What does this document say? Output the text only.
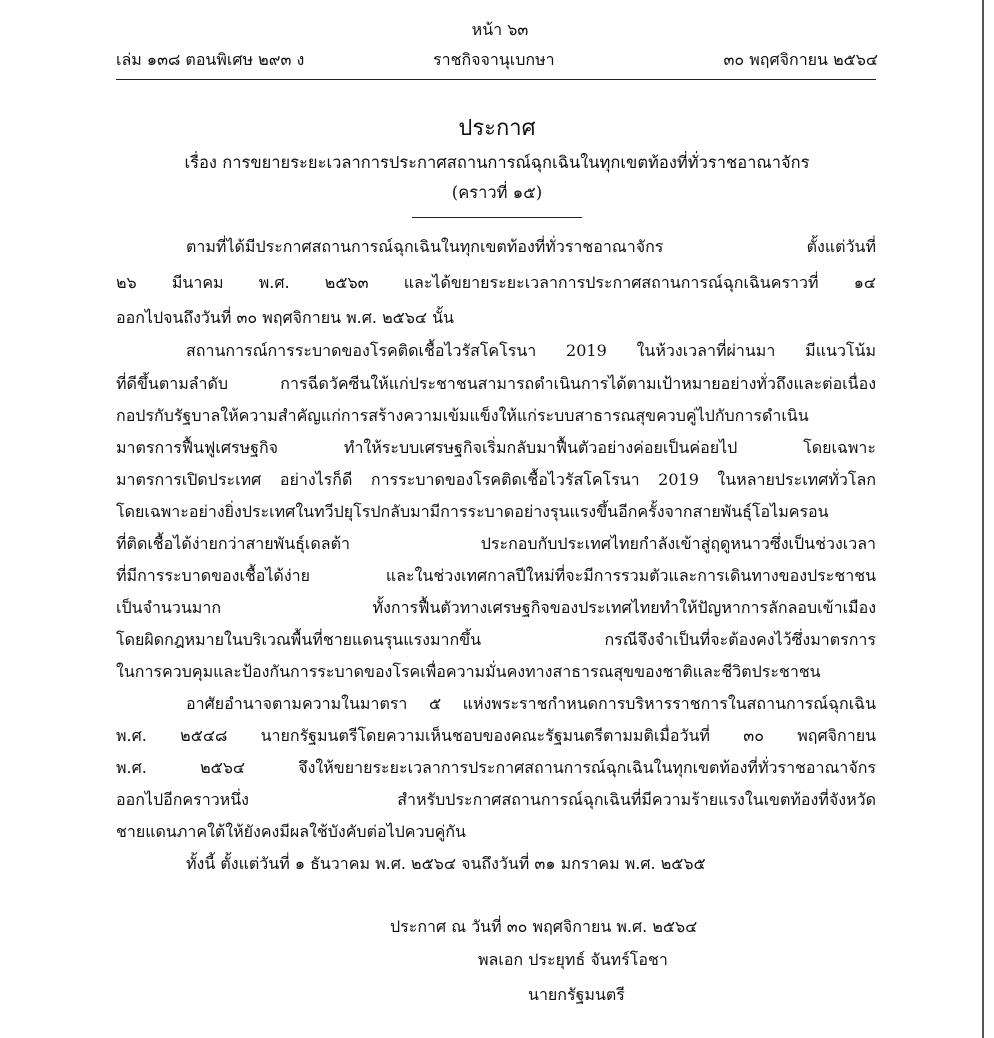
หน้า ๖๓
เล่ม ๑๓๘ ตอนพิเศษ ๒๙๓ ง	ราชกิจจานุเบกษา	๓๐ พฤศจิกายน ๒๕๖๔
ประกาศ
เรื่อง การขยายระยะเวลาการประกาศสถานการณ์ฉุกเฉินในทุกเขตท้องที่ทั่วราชอาณาจักร
(คราวที่ ๑๕)
ตามที่ได้มีประกาศสถานการณ์ฉุกเฉินในทุกเขตท้องที่ทั่วราชอาณาจักร ตั้งแต่วันที่
๒๖ มีนาคม พ.ศ. ๒๕๖๓ และได้ขยายระยะเวลาการประกาศสถานการณ์ฉุกเฉินคราวที่ ๑๔
ออกไปจนถึงวันที่ ๓๐ พฤศจิกายน พ.ศ. ๒๕๖๔ นั้น
สถานการณ์การระบาดของโรคติดเชื้อไวรัสโคโรนา 2019 ในห้วงเวลาที่ผ่านมา มีแนวโน้ม
ที่ดีขึ้นตามลำดับ การฉีดวัคซีนให้แก่ประชาชนสามารถดำเนินการได้ตามเป้าหมายอย่างทั่วถึงและต่อเนื่อง
กอปรกับรัฐบาลให้ความสำคัญแก่การสร้างความเข้มแข็งให้แก่ระบบสาธารณสุขควบคู่ไปกับการดำเนิน
มาตรการฟื้นฟูเศรษฐกิจ ทำให้ระบบเศรษฐกิจเริ่มกลับมาฟื้นตัวอย่างค่อยเป็นค่อยไป โดยเฉพาะ
มาตรการเปิดประเทศ อย่างไรก็ดี การระบาดของโรคติดเชื้อไวรัสโคโรนา 2019 ในหลายประเทศทั่วโลก
โดยเฉพาะอย่างยิ่งประเทศในทวีปยุโรปกลับมามีการระบาดอย่างรุนแรงขึ้นอีกครั้งจากสายพันธุ์โอไมครอน
ที่ติดเชื้อได้ง่ายกว่าสายพันธุ์เดลต้า ประกอบกับประเทศไทยกำลังเข้าสู่ฤดูหนาวซึ่งเป็นช่วงเวลา
ที่มีการระบาดของเชื้อได้ง่าย และในช่วงเทศกาลปีใหม่ที่จะมีการรวมตัวและการเดินทางของประชาชน
เป็นจำนวนมาก ทั้งการฟื้นตัวทางเศรษฐกิจของประเทศไทยทำให้ปัญหาการลักลอบเข้าเมือง
โดยผิดกฎหมายในบริเวณพื้นที่ชายแดนรุนแรงมากขึ้น กรณีจึงจำเป็นที่จะต้องคงไว้ซึ่งมาตรการ
ในการควบคุมและป้องกันการระบาดของโรคเพื่อความมั่นคงทางสาธารณสุขของชาติและชีวิตประชาชน
อาศัยอำนาจตามความในมาตรา ๕ แห่งพระราชกำหนดการบริหารราชการในสถานการณ์ฉุกเฉิน
พ.ศ. ๒๕๔๘ นายกรัฐมนตรีโดยความเห็นชอบของคณะรัฐมนตรีตามมติเมื่อวันที่ ๓๐ พฤศจิกายน
พ.ศ. ๒๕๖๔ จึงให้ขยายระยะเวลาการประกาศสถานการณ์ฉุกเฉินในทุกเขตท้องที่ทั่วราชอาณาจักร
ออกไปอีกคราวหนึ่ง สำหรับประกาศสถานการณ์ฉุกเฉินที่มีความร้ายแรงในเขตท้องที่จังหวัด
ชายแดนภาคใต้ให้ยังคงมีผลใช้บังคับต่อไปควบคู่กัน
ทั้งนี้ ตั้งแต่วันที่ ๑ ธันวาคม พ.ศ. ๒๕๖๔ จนถึงวันที่ ๓๑ มกราคม พ.ศ. ๒๕๖๕
ประกาศ ณ วันที่ ๓๐ พฤศจิกายน พ.ศ. ๒๕๖๔
พลเอก ประยุทธ์ จันทร์โอชา
นายกรัฐมนตรี
